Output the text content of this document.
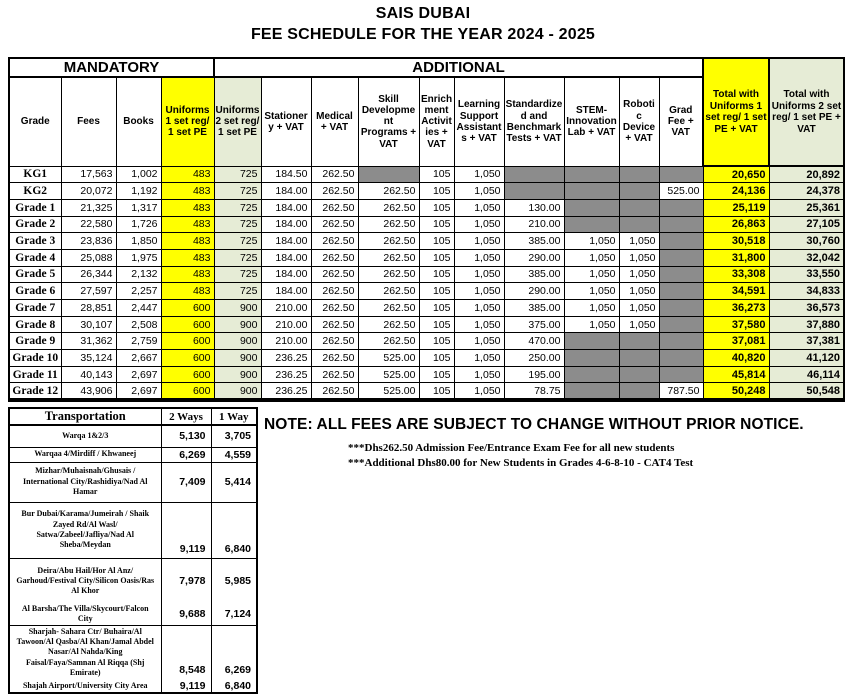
SAIS DUBAI
FEE SCHEDULE FOR THE YEAR 2024 - 2025
MANDATORY				ADDITIONAL										Total with Uniforms 1 set reg/ 1 set PE + VAT	Total with Uniforms 2 set reg/ 1 set PE + VAT
Grade	Fees	Books	Uniforms 1 set reg/ 1 set PE	Uniforms 2 set reg/ 1 set PE	Stationery + VAT	Medical + VAT	Skill Development Programs + VAT	Enrichment Activities + VAT	Learning Support Assistants + VAT	Standardized and Benchmark Tests + VAT	STEM-Innovation Lab + VAT	Robotic Device + VAT	Grad Fee + VAT		
KG1	17,563	1,002	483	725	184.50	262.50		105	1,050					20,650	20,892
KG2	20,072	1,192	483	725	184.00	262.50	262.50	105	1,050				525.00	24,136	24,378
Grade 1	21,325	1,317	483	725	184.00	262.50	262.50	105	1,050	130.00				25,119	25,361
Grade 2	22,580	1,726	483	725	184.00	262.50	262.50	105	1,050	210.00				26,863	27,105
Grade 3	23,836	1,850	483	725	184.00	262.50	262.50	105	1,050	385.00	1,050	1,050		30,518	30,760
Grade 4	25,088	1,975	483	725	184.00	262.50	262.50	105	1,050	290.00	1,050	1,050		31,800	32,042
Grade 5	26,344	2,132	483	725	184.00	262.50	262.50	105	1,050	385.00	1,050	1,050		33,308	33,550
Grade 6	27,597	2,257	483	725	184.00	262.50	262.50	105	1,050	290.00	1,050	1,050		34,591	34,833
Grade 7	28,851	2,447	600	900	210.00	262.50	262.50	105	1,050	385.00	1,050	1,050		36,273	36,573
Grade 8	30,107	2,508	600	900	210.00	262.50	262.50	105	1,050	375.00	1,050	1,050		37,580	37,880
Grade 9	31,362	2,759	600	900	210.00	262.50	262.50	105	1,050	470.00				37,081	37,381
Grade 10	35,124	2,667	600	900	236.25	262.50	525.00	105	1,050	250.00				40,820	41,120
Grade 11	40,143	2,697	600	900	236.25	262.50	525.00	105	1,050	195.00				45,814	46,114
Grade 12	43,906	2,697	600	900	236.25	262.50	525.00	105	1,050	78.75			787.50	50,248	50,548
Transportation	2 Ways	1 Way
Warqa 1&2/3	5,130	3,705
Warqaa 4/Mirdiff / Khwaneej	6,269	4,559
Mizhar/Muhaisnah/Ghusais / International City/Rashidiya/Nad Al Hamar	7,409	5,414
Bur Dubai/Karama/Jumeirah / Shaik Zayed Rd/Al Wasl/ Satwa/Zabeel/Jafliya/Nad Al Sheba/Meydan	9,119	6,840
Deira/Abu Hail/Hor Al Anz/ Garhoud/Festival City/Silicon Oasis/Ras Al Khor	7,978	5,985
Al Barsha/The Villa/Skycourt/Falcon City	9,688	7,124
Sharjah- Sahara Ctr/ Buhaira/Al Tawoon/Al Qasba/Al Khan/Jamal Abdel Nasar/Al Nahda/King Faisal/Faya/Samnan Al Riqqa (Shj Emirate)	8,548	6,269
Shajah Airport/University City Area	9,119	6,840
NOTE: ALL FEES ARE SUBJECT TO CHANGE WITHOUT PRIOR NOTICE.
***Dhs262.50 Admission Fee/Entrance Exam Fee for all new students
***Additional Dhs80.00 for New Students in Grades 4-6-8-10 - CAT4 Test
